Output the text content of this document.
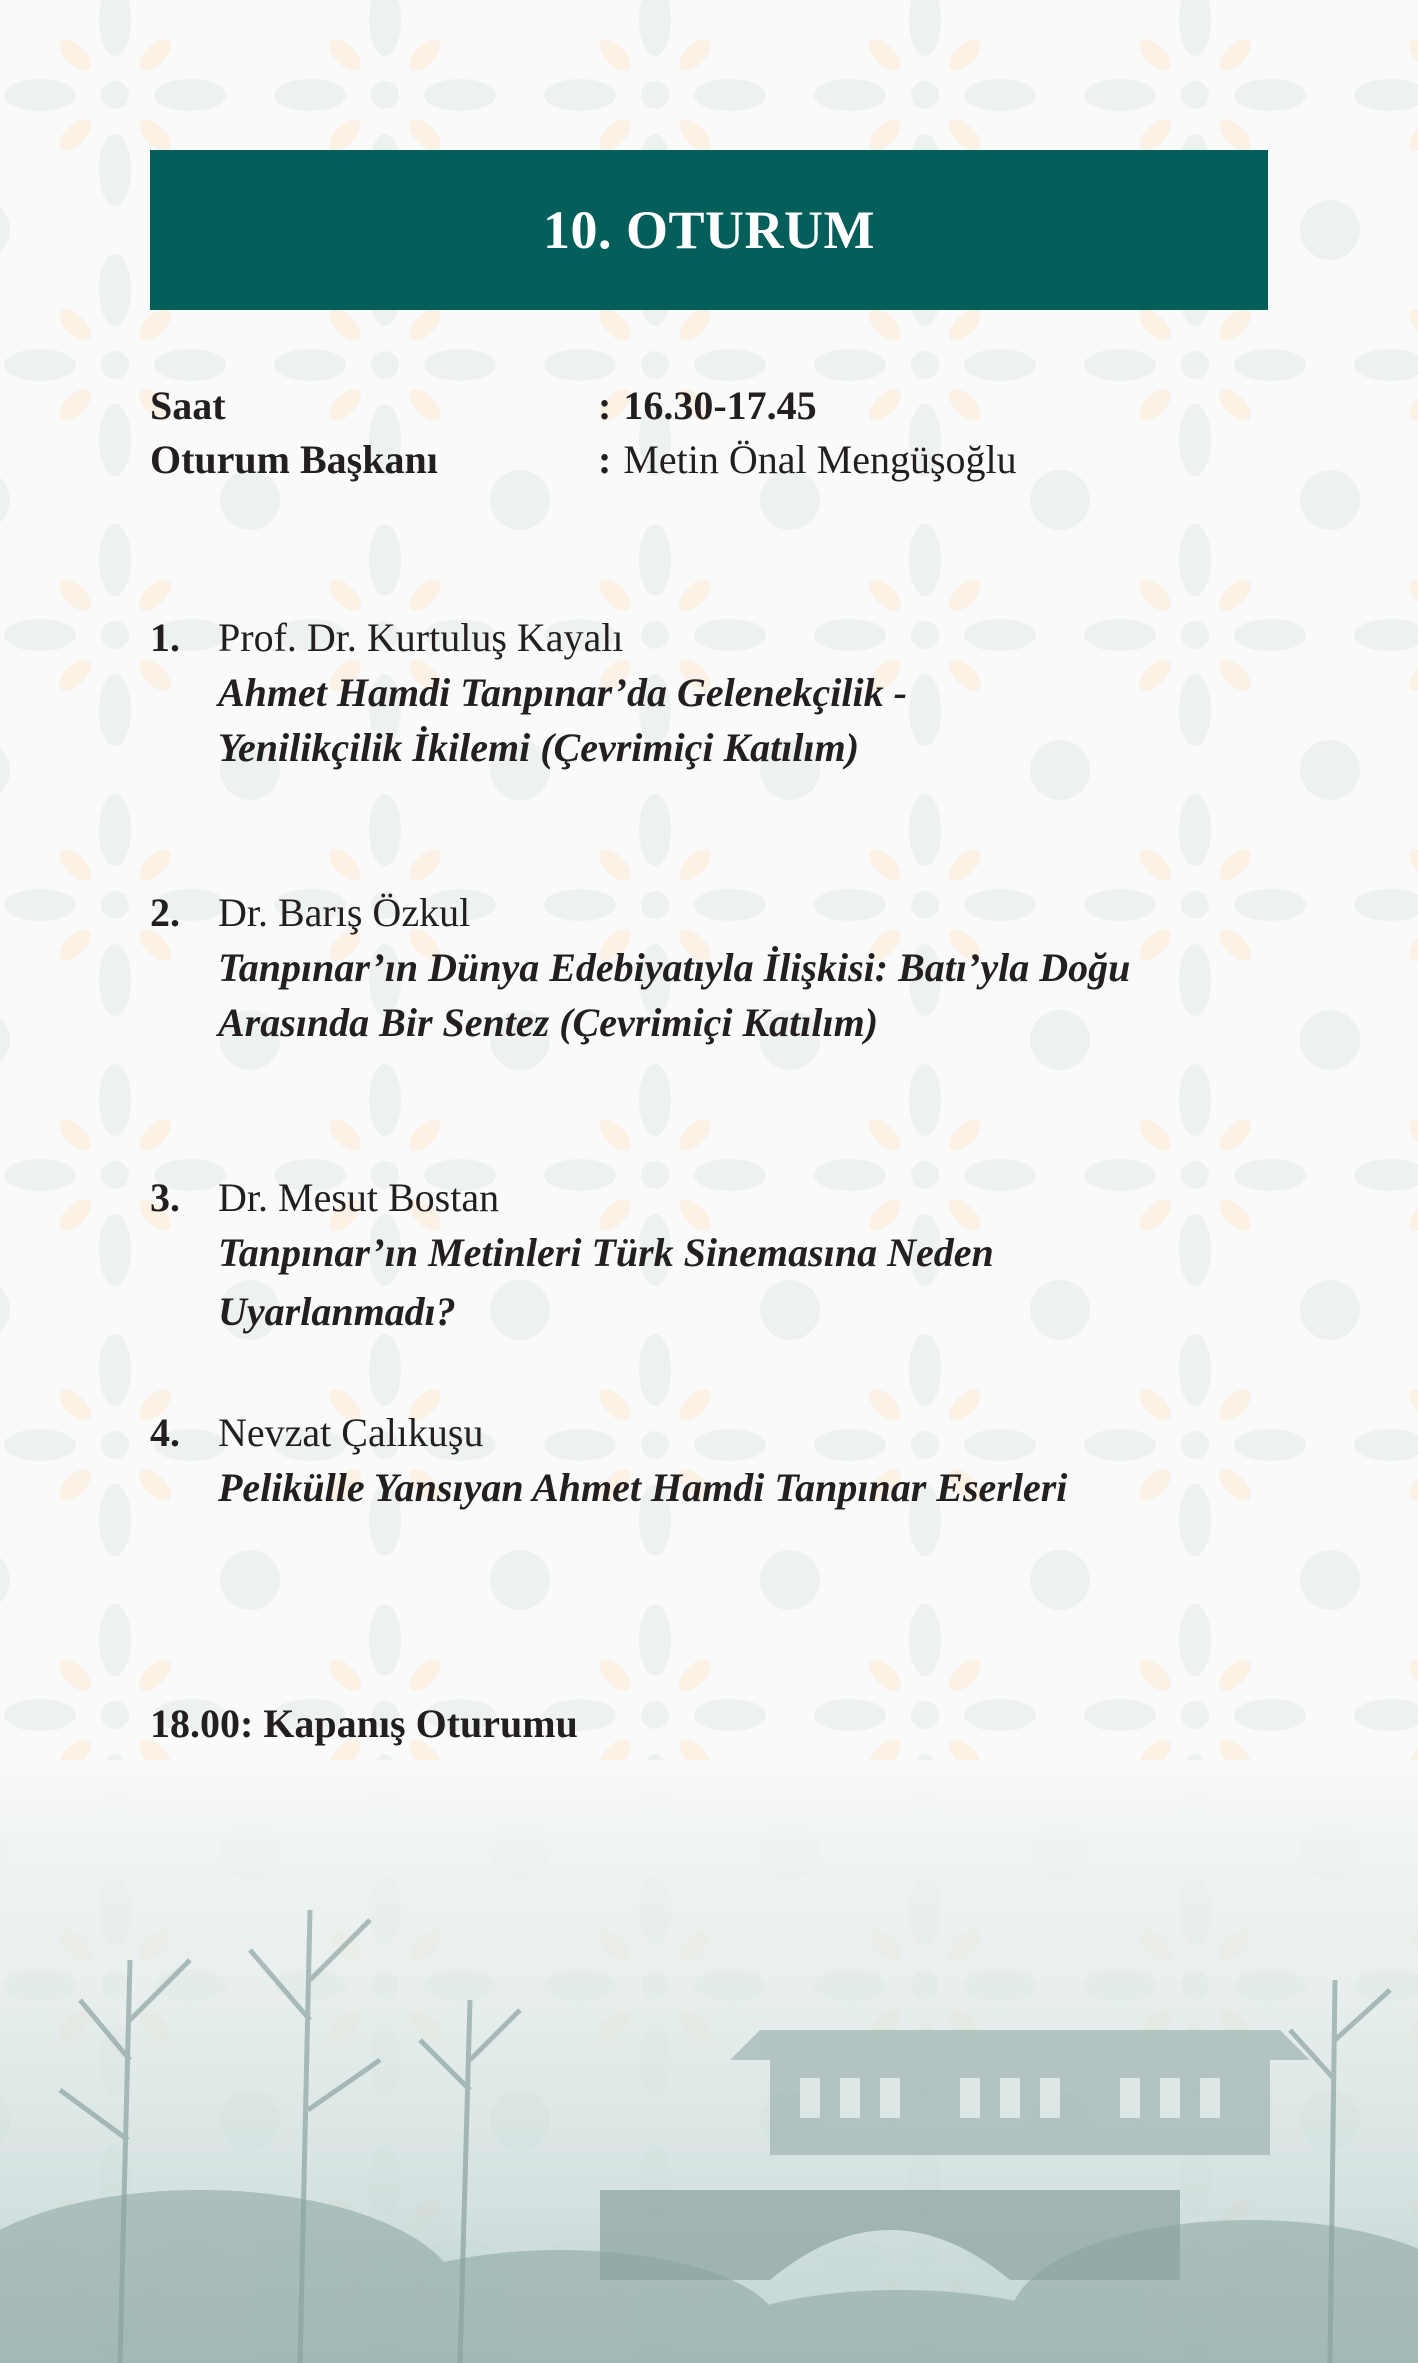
10. OTURUM
Saat	: 16.30-17.45
Oturum Başkanı	: Metin Önal Mengüşoğlu
1. Prof. Dr. Kurtuluş Kayalı
Ahmet Hamdi Tanpınar’da Gelenekçilik -
Yenilikçilik İkilemi (Çevrimiçi Katılım)
2. Dr. Barış Özkul
Tanpınar’ın Dünya Edebiyatıyla İlişkisi: Batı’yla Doğu
Arasında Bir Sentez (Çevrimiçi Katılım)
3. Dr. Mesut Bostan
Tanpınar’ın Metinleri Türk Sinemasına Neden
Uyarlanmadı?
4. Nevzat Çalıkuşu
Pelikülle Yansıyan Ahmet Hamdi Tanpınar Eserleri
18.00: Kapanış Oturumu
